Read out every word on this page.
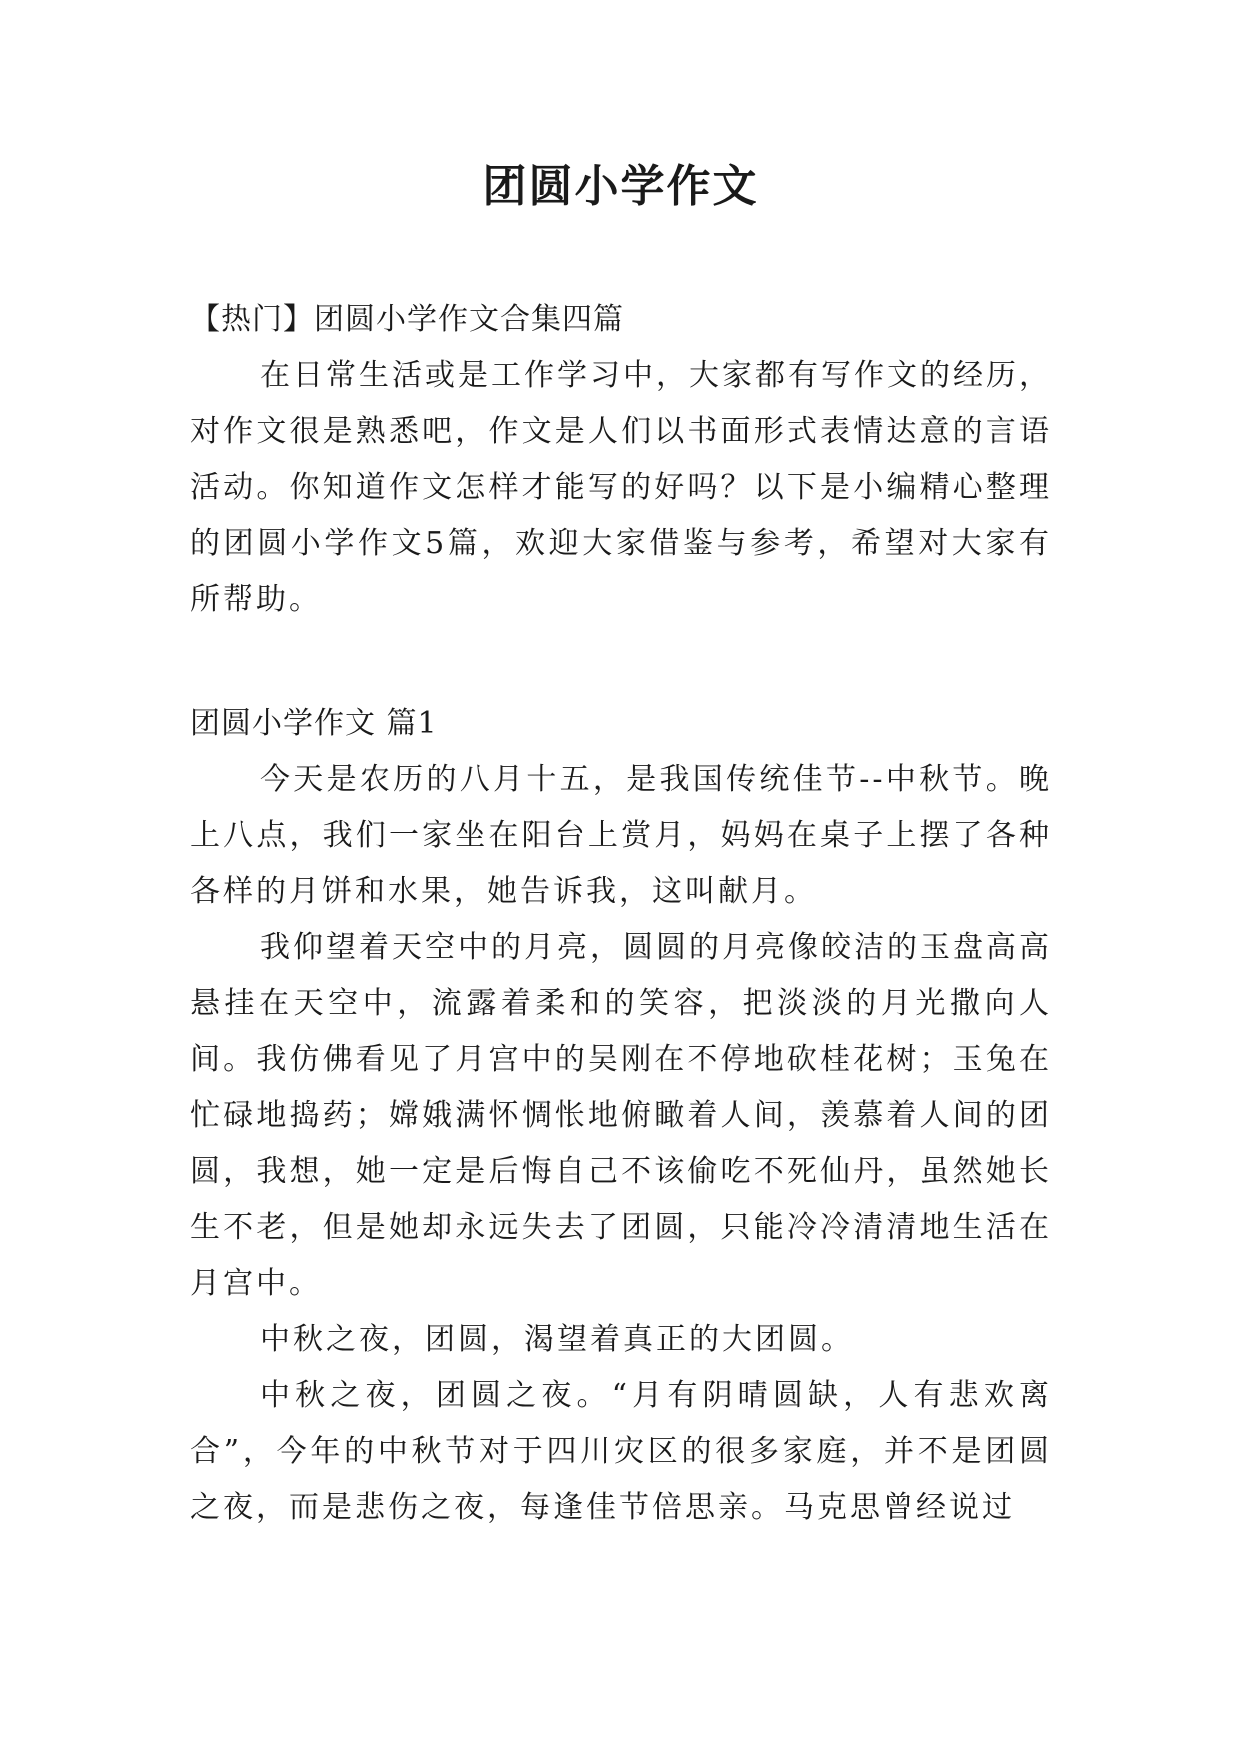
团圆小学作文

【热门】团圆小学作文合集四篇

在日常生活或是工作学习中，大家都有写作文的经历，对作文很是熟悉吧，作文是人们以书面形式表情达意的言语活动。你知道作文怎样才能写的好吗？以下是小编精心整理的团圆小学作文5篇，欢迎大家借鉴与参考，希望对大家有所帮助。

团圆小学作文 篇1

今天是农历的八月十五，是我国传统佳节--中秋节。晚上八点，我们一家坐在阳台上赏月，妈妈在桌子上摆了各种各样的月饼和水果，她告诉我，这叫献月。

我仰望着天空中的月亮，圆圆的月亮像皎洁的玉盘高高悬挂在天空中，流露着柔和的笑容，把淡淡的月光撒向人间。我仿佛看见了月宫中的吴刚在不停地砍桂花树；玉兔在忙碌地捣药；嫦娥满怀惆怅地俯瞰着人间，羡慕着人间的团圆，我想，她一定是后悔自己不该偷吃不死仙丹，虽然她长生不老，但是她却永远失去了团圆，只能冷冷清清地生活在月宫中。

中秋之夜，团圆，渴望着真正的大团圆。

中秋之夜，团圆之夜。“月有阴晴圆缺，人有悲欢离合”，今年的中秋节对于四川灾区的很多家庭，并不是团圆之夜，而是悲伤之夜，每逢佳节倍思亲。马克思曾经说过
